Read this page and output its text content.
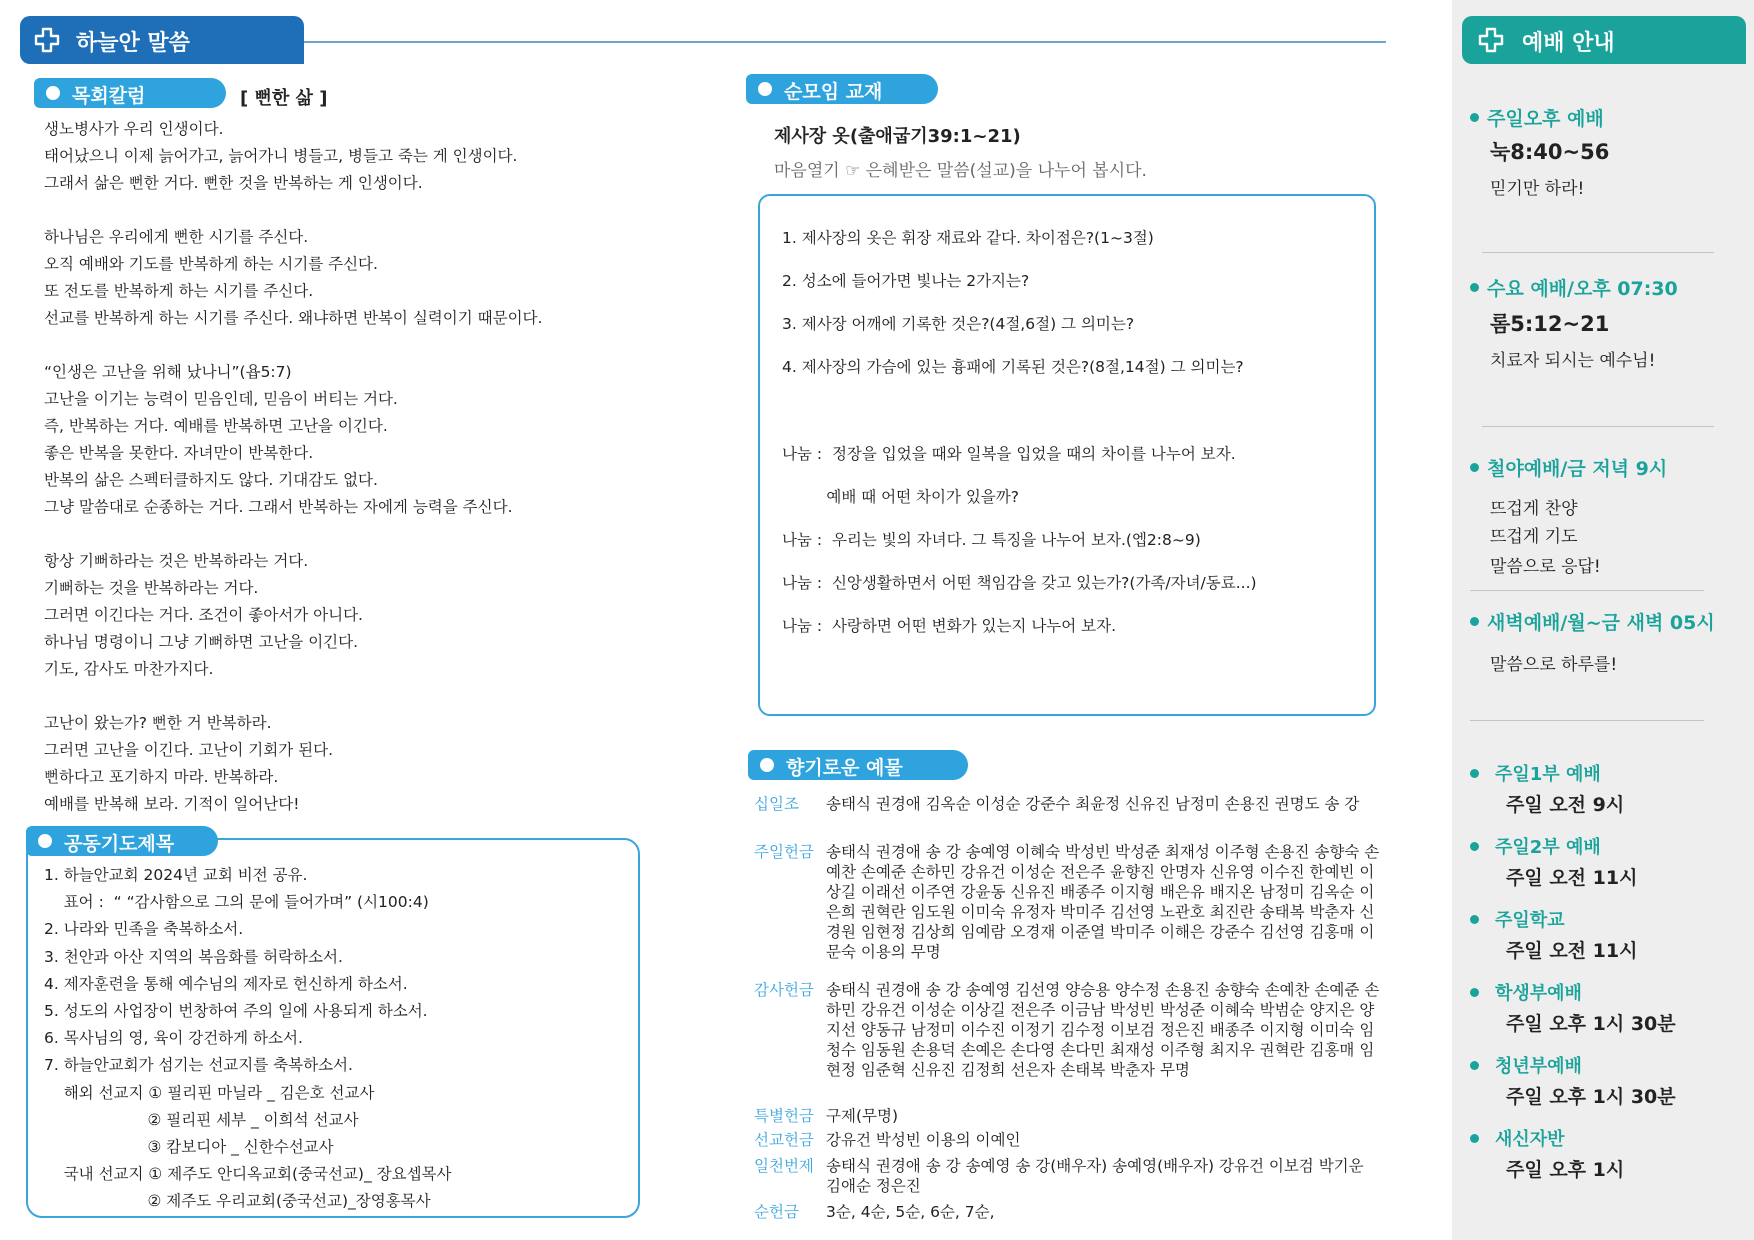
하늘안 말씀
목회칼럼	[ 뻔한 삶 ]
생노병사가 우리 인생이다.
태어났으니 이제 늙어가고, 늙어가니 병들고, 병들고 죽는 게 인생이다.
그래서 삶은 뻔한 거다. 뻔한 것을 반복하는 게 인생이다.
하나님은 우리에게 뻔한 시기를 주신다.
오직 예배와 기도를 반복하게 하는 시기를 주신다.
또 전도를 반복하게 하는 시기를 주신다.
선교를 반복하게 하는 시기를 주신다. 왜냐하면 반복이 실력이기 때문이다.
“인생은 고난을 위해 났나니”(욥5:7)
고난을 이기는 능력이 믿음인데, 믿음이 버티는 거다.
즉, 반복하는 거다. 예배를 반복하면 고난을 이긴다.
좋은 반복을 못한다. 자녀만이 반복한다.
반복의 삶은 스펙터클하지도 않다. 기대감도 없다.
그냥 말씀대로 순종하는 거다. 그래서 반복하는 자에게 능력을 주신다.
항상 기뻐하라는 것은 반복하라는 거다.
기뻐하는 것을 반복하라는 거다.
그러면 이긴다는 거다. 조건이 좋아서가 아니다.
하나님 명령이니 그냥 기뻐하면 고난을 이긴다.
기도, 감사도 마찬가지다.
고난이 왔는가? 뻔한 거 반복하라.
그러면 고난을 이긴다. 고난이 기회가 된다.
뻔하다고 포기하지 마라. 반복하라.
예배를 반복해 보라. 기적이 일어난다!
공동기도제목
1. 하늘안교회 2024년 교회 비전 공유.
표어 :  “ “감사함으로 그의 문에 들어가며” (시100:4)
2. 나라와 민족을 축복하소서.
3. 천안과 아산 지역의 복음화를 허락하소서.
4. 제자훈련을 통해 예수님의 제자로 헌신하게 하소서.
5. 성도의 사업장이 번창하여 주의 일에 사용되게 하소서.
6. 목사님의 영, 육이 강건하게 하소서.
7. 하늘안교회가 섬기는 선교지를 축복하소서.
해외 선교지 ① 필리핀 마닐라 _ 김은호 선교사
② 필리핀 세부 _ 이희석 선교사
③ 캄보디아 _ 신한수선교사
국내 선교지 ① 제주도 안디옥교회(중국선교)_ 장요셉목사
② 제주도 우리교회(중국선교)_장영홍목사
순모임 교재
제사장 옷(출애굽기39:1~21)
마음열기 ☞ 은혜받은 말씀(설교)을 나누어 봅시다.
1. 제사장의 옷은 휘장 재료와 같다. 차이점은?(1~3절)
2. 성소에 들어가면 빛나는 2가지는?
3. 제사장 어깨에 기록한 것은?(4절,6절) 그 의미는?
4. 제사장의 가슴에 있는 흉패에 기록된 것은?(8절,14절) 그 의미는?
나눔 :  정장을 입었을 때와 일복을 입었을 때의 차이를 나누어 보자.
예배 때 어떤 차이가 있을까?
나눔 :  우리는 빛의 자녀다. 그 특징을 나누어 보자.(엡2:8~9)
나눔 :  신앙생활하면서 어떤 책임감을 갖고 있는가?(가족/자녀/동료...)
나눔 :  사랑하면 어떤 변화가 있는지 나누어 보자.
향기로운 예물
십일조 송태식 권경애 김옥순 이성순 강준수 최윤정 신유진 남정미 손용진 권명도 송 강
주일헌금 송태식 권경애 송 강 송예영 이혜숙 박성빈 박성준 최재성 이주형 손용진 송향숙 손예찬 손예준 손하민 강유건 이성순 전은주 윤향진 안명자 신유영 이수진 한예빈 이상길 이래선 이주연 강윤동 신유진 배종주 이지형 배은유 배지온 남정미 김옥순 이은희 권혁란 임도원 이미숙 유정자 박미주 김선영 노관호 최진란 송태복 박춘자 신경원 임현정 김상희 임예람 오경재 이준열 박미주 이해은 강준수 김선영 김홍매 이문숙 이용의 무명
감사헌금 송태식 권경애 송 강 송예영 김선영 양승용 양수정 손용진 송향숙 손예찬 손예준 손하민 강유건 이성순 이상길 전은주 이금남 박성빈 박성준 이혜숙 박범순 양지은 양지선 양동규 남정미 이수진 이정기 김수정 이보검 정은진 배종주 이지형 이미숙 임청수 임동원 손용덕 손예은 손다영 손다민 최재성 이주형 최지우 권혁란 김홍매 임현정 임준혁 신유진 김정희 선은자 손태복 박춘자 무명
특별헌금 구제(무명)
선교헌금 강유건 박성빈 이용의 이예인
일천번제 송태식 권경애 송 강 송예영 송 강(배우자) 송예영(배우자) 강유건 이보검 박기운 김애순 정은진
순헌금 3순, 4순, 5순, 6순, 7순,
예배 안내
주일오후 예배
눅8:40~56
믿기만 하라!
수요 예배/오후 07:30
롬5:12~21
치료자 되시는 예수님!
철야예배/금 저녁 9시
뜨겁게 찬양
뜨겁게 기도
말씀으로 응답!
새벽예배/월~금 새벽 05시
말씀으로 하루를!
주일1부 예배
주일 오전 9시
주일2부 예배
주일 오전 11시
주일학교
주일 오전 11시
학생부예배
주일 오후 1시 30분
청년부예배
주일 오후 1시 30분
새신자반
주일 오후 1시
